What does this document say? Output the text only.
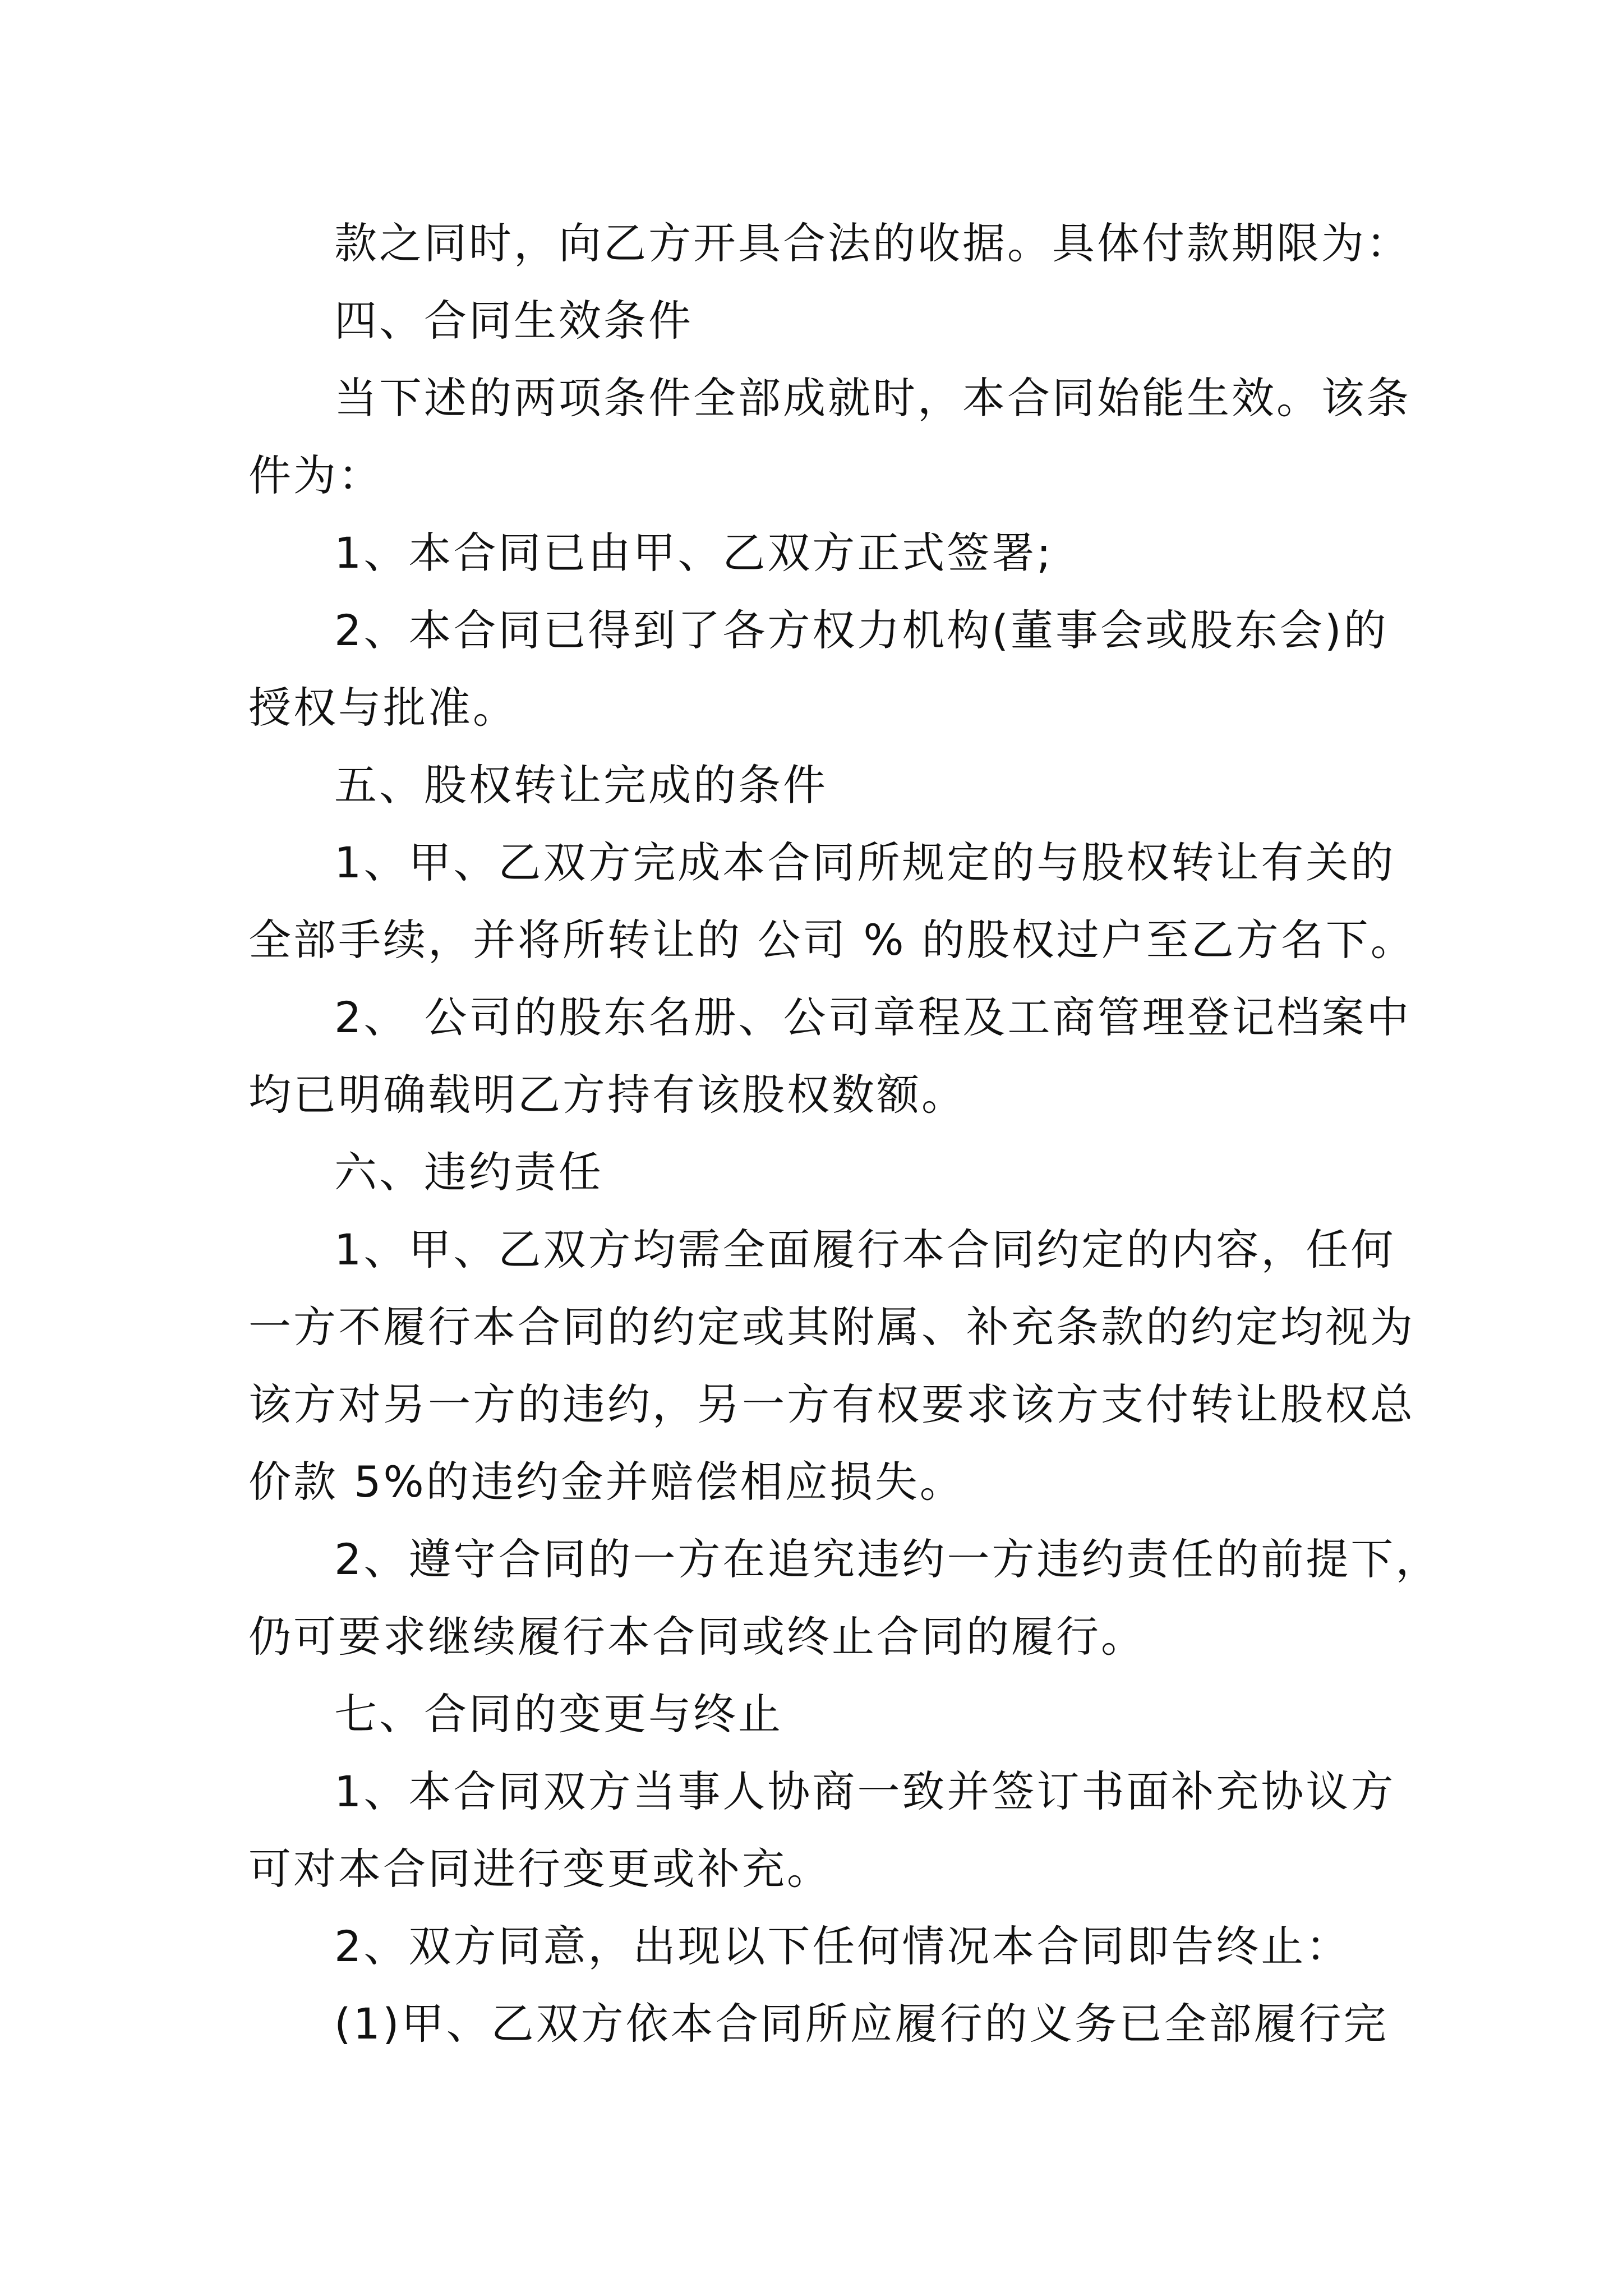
款之同时，向乙方开具合法的收据。具体付款期限为：

四、合同生效条件

当下述的两项条件全部成就时，本合同始能生效。该条

件为：

1、本合同已由甲、乙双方正式签署;

2、本合同已得到了各方权力机构(董事会或股东会)的

授权与批准。

五、股权转让完成的条件

1、甲、乙双方完成本合同所规定的与股权转让有关的

全部手续，并将所转让的 公司 % 的股权过户至乙方名下。

2、 公司的股东名册、公司章程及工商管理登记档案中

均已明确载明乙方持有该股权数额。

六、违约责任

1、甲、乙双方均需全面履行本合同约定的内容，任何

一方不履行本合同的约定或其附属、补充条款的约定均视为

该方对另一方的违约，另一方有权要求该方支付转让股权总

价款 5%的违约金并赔偿相应损失。

2、遵守合同的一方在追究违约一方违约责任的前提下，

仍可要求继续履行本合同或终止合同的履行。

七、合同的变更与终止

1、本合同双方当事人协商一致并签订书面补充协议方

可对本合同进行变更或补充。

2、双方同意，出现以下任何情况本合同即告终止：

(1)甲、乙双方依本合同所应履行的义务已全部履行完
